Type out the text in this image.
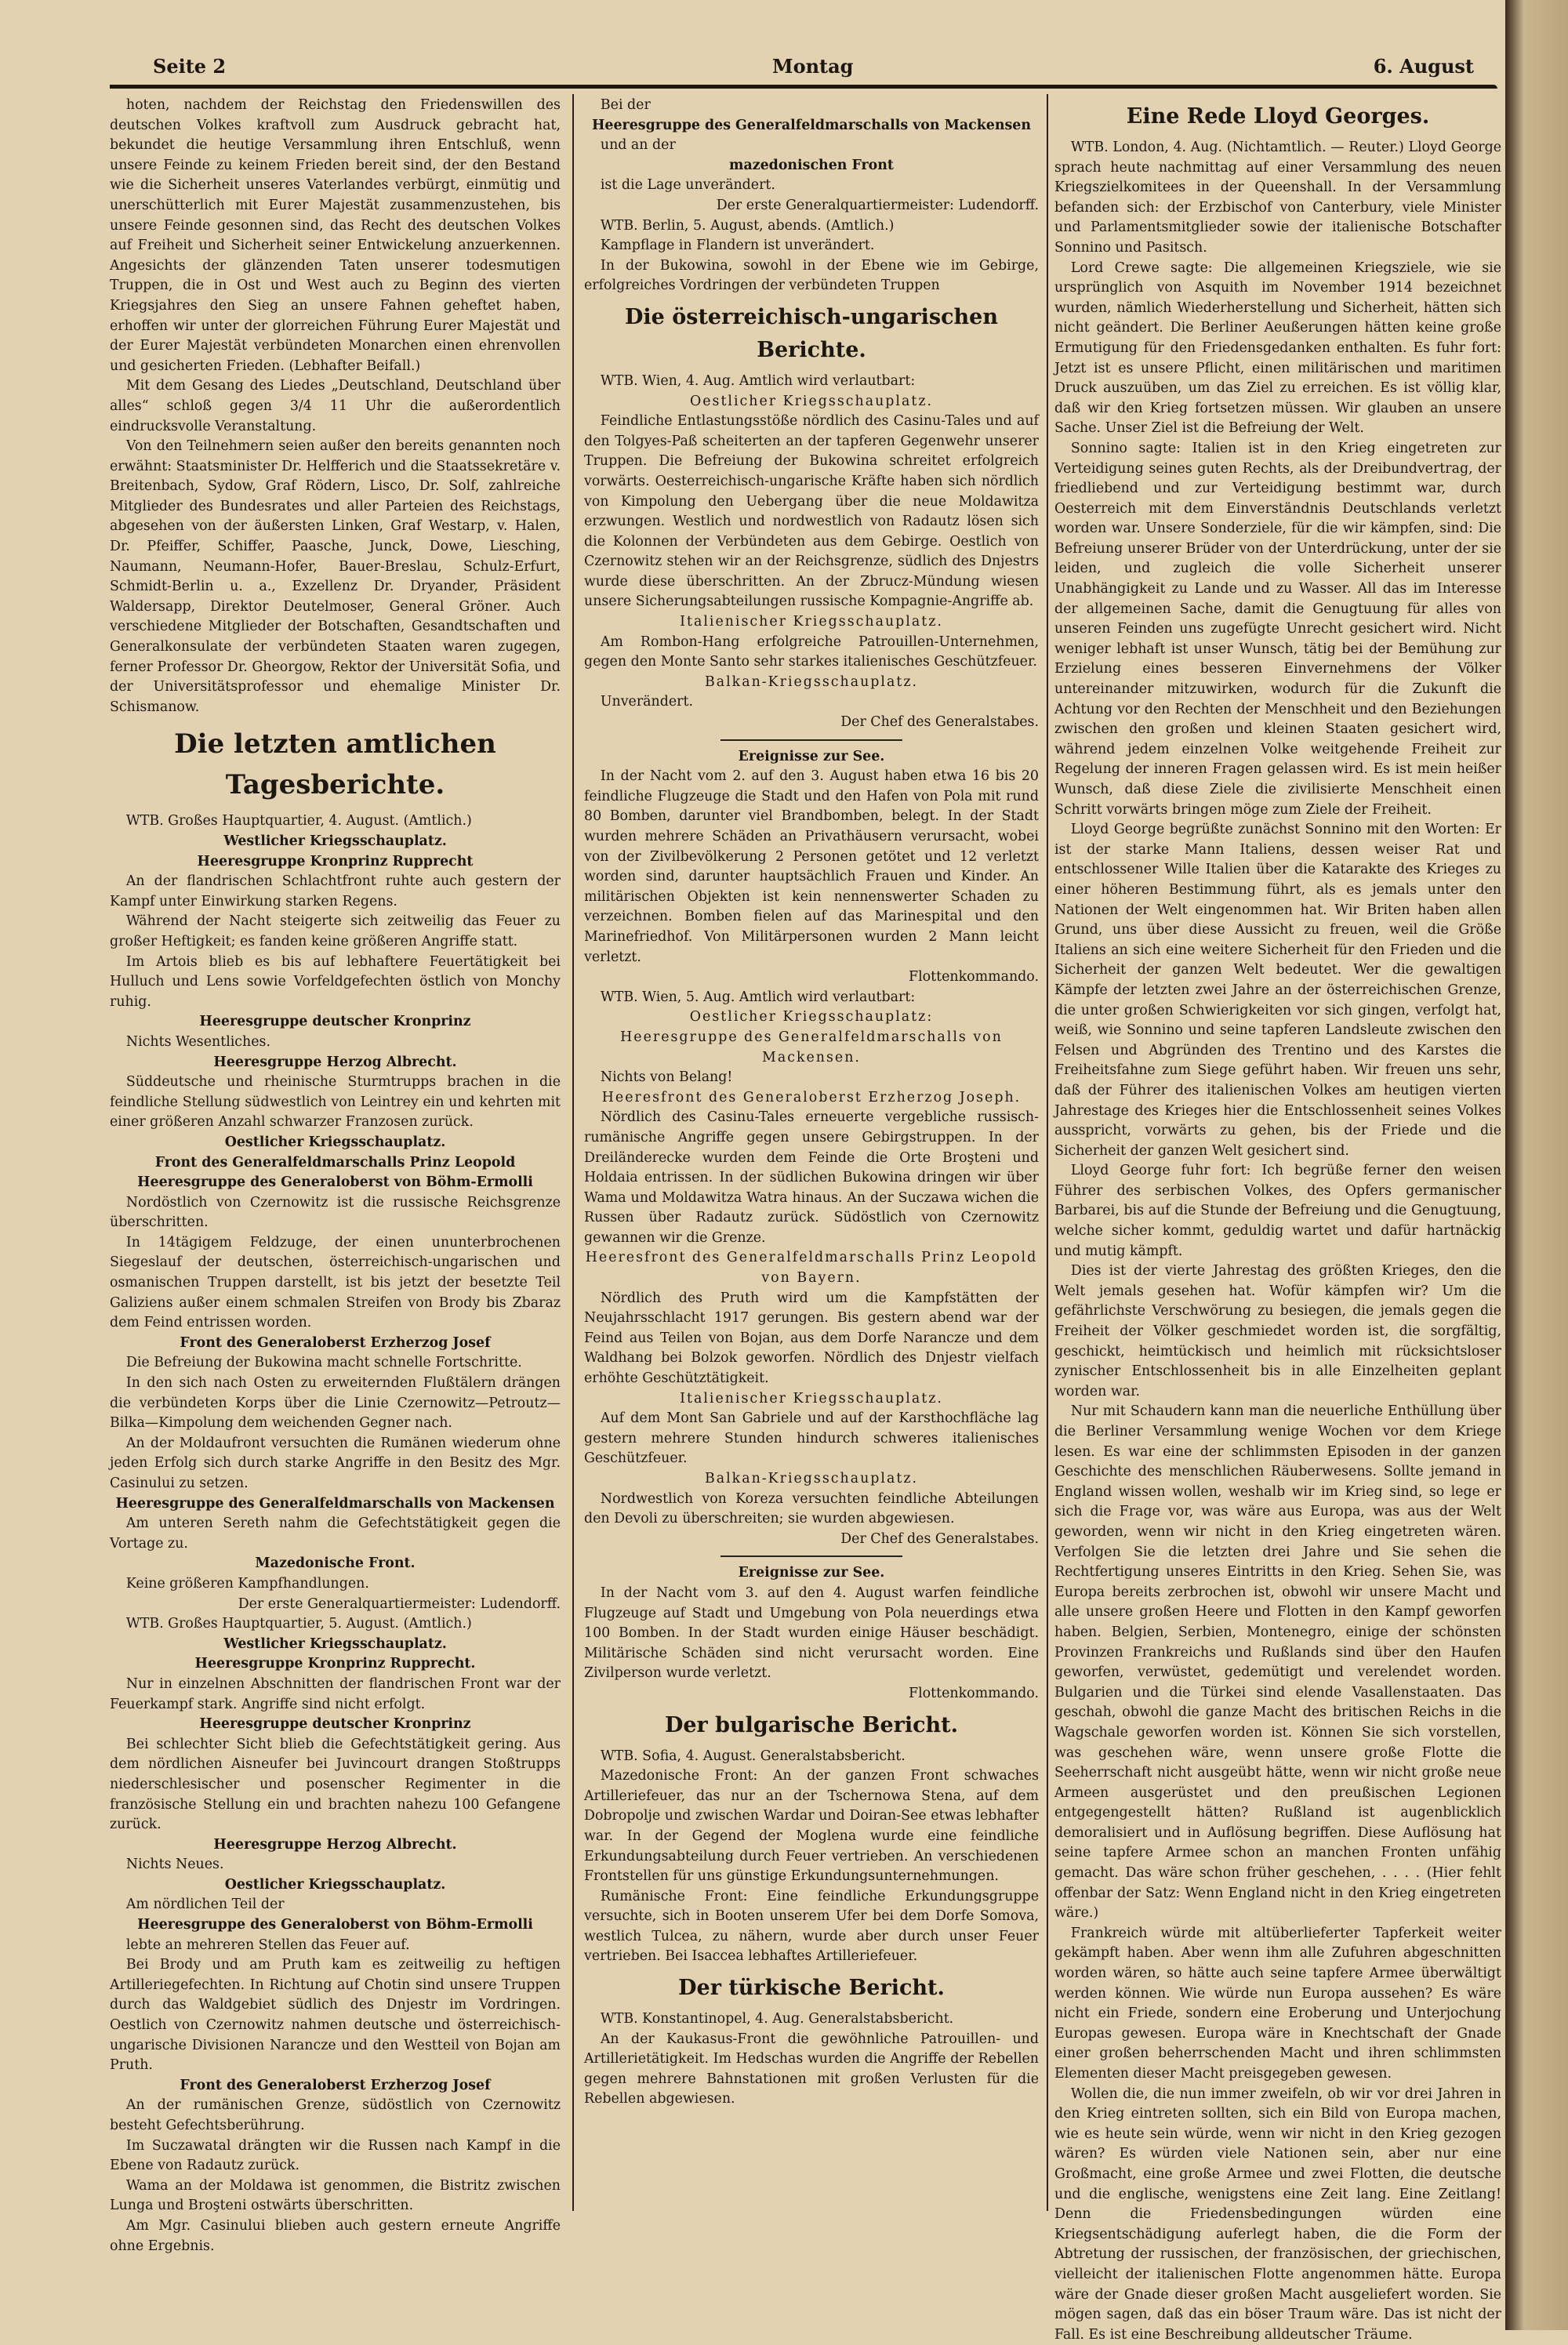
Seite 2	Montag	6. August

hoten, nachdem der Reichstag den Friedenswillen des deutschen Volkes kraftvoll zum Ausdruck gebracht hat, bekundet die heutige Versammlung ihren Entschluß, wenn unsere Feinde zu keinem Frieden bereit sind, der den Bestand wie die Sicherheit unseres Vaterlandes verbürgt, einmütig und unerschütterlich mit Eurer Majestät zusammenzustehen, bis unsere Feinde gesonnen sind, das Recht des deutschen Volkes auf Freiheit und Sicherheit seiner Entwickelung anzuerkennen. Angesichts der glänzenden Taten unserer todesmutigen Truppen, die in Ost und West auch zu Beginn des vierten Kriegsjahres den Sieg an unsere Fahnen geheftet haben, erhoffen wir unter der glorreichen Führung Eurer Majestät und der Eurer Majestät verbündeten Monarchen einen ehrenvollen und gesicherten Frieden. (Lebhafter Beifall.)

Mit dem Gesang des Liedes „Deutschland, Deutschland über alles“ schloß gegen 3/4 11 Uhr die außerordentlich eindrucksvolle Veranstaltung.

Von den Teilnehmern seien außer den bereits genannten noch erwähnt: Staatsminister Dr. Helfferich und die Staatssekretäre v. Breitenbach, Sydow, Graf Rödern, Lisco, Dr. Solf, zahlreiche Mitglieder des Bundesrates und aller Parteien des Reichstags, abgesehen von der äußersten Linken, Graf Westarp, v. Halen, Dr. Pfeiffer, Schiffer, Paasche, Junck, Dowe, Liesching, Naumann, Neumann-Hofer, Bauer-Breslau, Schulz-Erfurt, Schmidt-Berlin u. a., Exzellenz Dr. Dryander, Präsident Waldersapp, Direktor Deutelmoser, General Gröner. Auch verschiedene Mitglieder der Botschaften, Gesandtschaften und Generalkonsulate der verbündeten Staaten waren zugegen, ferner Professor Dr. Gheorgow, Rektor der Universität Sofia, und der Universitätsprofessor und ehemalige Minister Dr. Schismanow.

Die letzten amtlichen Tagesberichte.

WTB. Großes Hauptquartier, 4. August. (Amtlich.)

Westlicher Kriegsschauplatz.

Heeresgruppe Kronprinz Rupprecht

An der flandrischen Schlachtfront ruhte auch gestern der Kampf unter Einwirkung starken Regens.

Während der Nacht steigerte sich zeitweilig das Feuer zu großer Heftigkeit; es fanden keine größeren Angriffe statt.

Im Artois blieb es bis auf lebhaftere Feuertätigkeit bei Hulluch und Lens sowie Vorfeldgefechten östlich von Monchy ruhig.

Heeresgruppe deutscher Kronprinz

Nichts Wesentliches.

Heeresgruppe Herzog Albrecht.

Süddeutsche und rheinische Sturmtrupps brachen in die feindliche Stellung südwestlich von Leintrey ein und kehrten mit einer größeren Anzahl schwarzer Franzosen zurück.

Oestlicher Kriegsschauplatz.

Front des Generalfeldmarschalls Prinz Leopold

Heeresgruppe des Generaloberst von Böhm-Ermolli

Nordöstlich von Czernowitz ist die russische Reichsgrenze überschritten.

In 14tägigem Feldzuge, der einen ununterbrochenen Siegeslauf der deutschen, österreichisch-ungarischen und osmanischen Truppen darstellt, ist bis jetzt der besetzte Teil Galiziens außer einem schmalen Streifen von Brody bis Zbaraz dem Feind entrissen worden.

Front des Generaloberst Erzherzog Josef

Die Befreiung der Bukowina macht schnelle Fortschritte.

In den sich nach Osten zu erweiternden Flußtälern drängen die verbündeten Korps über die Linie Czernowitz—Petroutz—Bilka—Kimpolung dem weichenden Gegner nach.

An der Moldaufront versuchten die Rumänen wiederum ohne jeden Erfolg sich durch starke Angriffe in den Besitz des Mgr. Casinului zu setzen.

Heeresgruppe des Generalfeldmarschalls von Mackensen

Am unteren Sereth nahm die Gefechtstätigkeit gegen die Vortage zu.

Mazedonische Front.

Keine größeren Kampfhandlungen.

Der erste Generalquartiermeister: Ludendorff.

WTB. Großes Hauptquartier, 5. August. (Amtlich.)

Westlicher Kriegsschauplatz.

Heeresgruppe Kronprinz Rupprecht.

Nur in einzelnen Abschnitten der flandrischen Front war der Feuerkampf stark. Angriffe sind nicht erfolgt.

Heeresgruppe deutscher Kronprinz

Bei schlechter Sicht blieb die Gefechtstätigkeit gering. Aus dem nördlichen Aisneufer bei Juvincourt drangen Stoßtrupps niederschlesischer und posenscher Regimenter in die französische Stellung ein und brachten nahezu 100 Gefangene zurück.

Heeresgruppe Herzog Albrecht.

Nichts Neues.

Oestlicher Kriegsschauplatz.

Am nördlichen Teil der

Heeresgruppe des Generaloberst von Böhm-Ermolli

lebte an mehreren Stellen das Feuer auf.

Bei Brody und am Pruth kam es zeitweilig zu heftigen Artilleriegefechten. In Richtung auf Chotin sind unsere Truppen durch das Waldgebiet südlich des Dnjestr im Vordringen. Oestlich von Czernowitz nahmen deutsche und österreichisch-ungarische Divisionen Naranczе und den Westteil von Bojan am Pruth.

Front des Generaloberst Erzherzog Josef

An der rumänischen Grenze, südöstlich von Czernowitz besteht Gefechtsberührung.

Im Suczawatal drängten wir die Russen nach Kampf in die Ebene von Radautz zurück.

Wama an der Moldawa ist genommen, die Bistritz zwischen Lunga und Broşteni ostwärts überschritten.

Am Mgr. Casinului blieben auch gestern erneute Angriffe ohne Ergebnis.

Bei der

Heeresgruppe des Generalfeldmarschalls von Mackensen

und an der

mazedonischen Front

ist die Lage unverändert.

Der erste Generalquartiermeister: Ludendorff.

WTB. Berlin, 5. August, abends. (Amtlich.)

Kampflage in Flandern ist unverändert.

In der Bukowina, sowohl in der Ebene wie im Gebirge, erfolgreiches Vordringen der verbündeten Truppen

Die österreichisch-ungarischen Berichte.

WTB. Wien, 4. Aug. Amtlich wird verlautbart:

Oestlicher Kriegsschauplatz.

Feindliche Entlastungsstöße nördlich des Casinu-Tales und auf den Tolgyes-Paß scheiterten an der tapferen Gegenwehr unserer Truppen. Die Befreiung der Bukowina schreitet erfolgreich vorwärts. Oesterreichisch-ungarische Kräfte haben sich nördlich von Kimpolung den Uebergang über die neue Moldawitza erzwungen. Westlich und nordwestlich von Radautz lösen sich die Kolonnen der Verbündeten aus dem Gebirge. Oestlich von Czernowitz stehen wir an der Reichsgrenze, südlich des Dnjestrs wurde diese überschritten. An der Zbrucz-Mündung wiesen unsere Sicherungsabteilungen russische Kompagnie-Angriffe ab.

Italienischer Kriegsschauplatz.

Am Rombon-Hang erfolgreiche Patrouillen-Unternehmen, gegen den Monte Santo sehr starkes italienisches Geschützfeuer.

Balkan-Kriegsschauplatz.

Unverändert.

Der Chef des Generalstabes.

Ereignisse zur See.

In der Nacht vom 2. auf den 3. August haben etwa 16 bis 20 feindliche Flugzeuge die Stadt und den Hafen von Pola mit rund 80 Bomben, darunter viel Brandbomben, belegt. In der Stadt wurden mehrere Schäden an Privathäusern verursacht, wobei von der Zivilbevölkerung 2 Personen getötet und 12 verletzt worden sind, darunter hauptsächlich Frauen und Kinder. An militärischen Objekten ist kein nennenswerter Schaden zu verzeichnen. Bomben fielen auf das Marinespital und den Marinefriedhof. Von Militärpersonen wurden 2 Mann leicht verletzt.

Flottenkommando.

WTB. Wien, 5. Aug. Amtlich wird verlautbart:

Oestlicher Kriegsschauplatz:

Heeresgruppe des Generalfeldmarschalls von Mackensen.

Nichts von Belang!

Heeresfront des Generaloberst Erzherzog Joseph.

Nördlich des Casinu-Tales erneuerte vergebliche russisch-rumänische Angriffe gegen unsere Gebirgstruppen. In der Dreiländerecke wurden dem Feinde die Orte Broşteni und Holdaia entrissen. In der südlichen Bukowina dringen wir über Wama und Moldawitza Watra hinaus. An der Suczawa wichen die Russen über Radautz zurück. Südöstlich von Czernowitz gewannen wir die Grenze.

Heeresfront des Generalfeldmarschalls Prinz Leopold von Bayern.

Nördlich des Pruth wird um die Kampfstätten der Neujahrsschlacht 1917 gerungen. Bis gestern abend war der Feind aus Teilen von Bojan, aus dem Dorfe Narancze und dem Waldhang bei Bolzok geworfen. Nördlich des Dnjestr vielfach erhöhte Geschütztätigkeit.

Italienischer Kriegsschauplatz.

Auf dem Mont San Gabriele und auf der Karsthochfläche lag gestern mehrere Stunden hindurch schweres italienisches Geschützfeuer.

Balkan-Kriegsschauplatz.

Nordwestlich von Koreza versuchten feindliche Abteilungen den Devoli zu überschreiten; sie wurden abgewiesen.

Der Chef des Generalstabes.

Ereignisse zur See.

In der Nacht vom 3. auf den 4. August warfen feindliche Flugzeuge auf Stadt und Umgebung von Pola neuerdings etwa 100 Bomben. In der Stadt wurden einige Häuser beschädigt. Militärische Schäden sind nicht verursacht worden. Eine Zivilperson wurde verletzt.

Flottenkommando.

Der bulgarische Bericht.

WTB. Sofia, 4. August. Generalstabsbericht.

Mazedonische Front: An der ganzen Front schwaches Artilleriefeuer, das nur an der Tschernowa Stena, auf dem Dobropolje und zwischen Wardar und Doiran-See etwas lebhafter war. In der Gegend der Moglena wurde eine feindliche Erkundungsabteilung durch Feuer vertrieben. An verschiedenen Frontstellen für uns günstige Erkundungsunternehmungen.

Rumänische Front: Eine feindliche Erkundungsgruppe versuchte, sich in Booten unserem Ufer bei dem Dorfe Somova, westlich Tulcea, zu nähern, wurde aber durch unser Feuer vertrieben. Bei Isaccea lebhaftes Artilleriefeuer.

Der türkische Bericht.

WTB. Konstantinopel, 4. Aug. Generalstabsbericht.

An der Kaukasus-Front die gewöhnliche Patrouillen- und Artillerietätigkeit. Im Hedschas wurden die Angriffe der Rebellen gegen mehrere Bahnstationen mit großen Verlusten für die Rebellen abgewiesen.

Eine Rede Lloyd Georges.

WTB. London, 4. Aug. (Nichtamtlich. — Reuter.) Lloyd George sprach heute nachmittag auf einer Versammlung des neuen Kriegszielkomitees in der Queenshall. In der Versammlung befanden sich: der Erzbischof von Canterbury, viele Minister und Parlamentsmitglieder sowie der italienische Botschafter Sonnino und Pasitsch.

Lord Crewe sagte: Die allgemeinen Kriegsziele, wie sie ursprünglich von Asquith im November 1914 bezeichnet wurden, nämlich Wiederherstellung und Sicherheit, hätten sich nicht geändert. Die Berliner Aeußerungen hätten keine große Ermutigung für den Friedensgedanken enthalten. Es fuhr fort: Jetzt ist es unsere Pflicht, einen militärischen und maritimen Druck auszuüben, um das Ziel zu erreichen. Es ist völlig klar, daß wir den Krieg fortsetzen müssen. Wir glauben an unsere Sache. Unser Ziel ist die Befreiung der Welt.

Sonnino sagte: Italien ist in den Krieg eingetreten zur Verteidigung seines guten Rechts, als der Dreibundvertrag, der friedliebend und zur Verteidigung bestimmt war, durch Oesterreich mit dem Einverständnis Deutschlands verletzt worden war. Unsere Sonderziele, für die wir kämpfen, sind: Die Befreiung unserer Brüder von der Unterdrückung, unter der sie leiden, und zugleich die volle Sicherheit unserer Unabhängigkeit zu Lande und zu Wasser. All das im Interesse der allgemeinen Sache, damit die Genugtuung für alles von unseren Feinden uns zugefügte Unrecht gesichert wird. Nicht weniger lebhaft ist unser Wunsch, tätig bei der Bemühung zur Erzielung eines besseren Einvernehmens der Völker untereinander mitzuwirken, wodurch für die Zukunft die Achtung vor den Rechten der Menschheit und den Beziehungen zwischen den großen und kleinen Staaten gesichert wird, während jedem einzelnen Volke weitgehende Freiheit zur Regelung der inneren Fragen gelassen wird. Es ist mein heißer Wunsch, daß diese Ziele die zivilisierte Menschheit einen Schritt vorwärts bringen möge zum Ziele der Freiheit.

Lloyd George begrüßte zunächst Sonnino mit den Worten: Er ist der starke Mann Italiens, dessen weiser Rat und entschlossener Wille Italien über die Katarakte des Krieges zu einer höheren Bestimmung führt, als es jemals unter den Nationen der Welt eingenommen hat. Wir Briten haben allen Grund, uns über diese Aussicht zu freuen, weil die Größe Italiens an sich eine weitere Sicherheit für den Frieden und die Sicherheit der ganzen Welt bedeutet. Wer die gewaltigen Kämpfe der letzten zwei Jahre an der österreichischen Grenze, die unter großen Schwierigkeiten vor sich gingen, verfolgt hat, weiß, wie Sonnino und seine tapferen Landsleute zwischen den Felsen und Abgründen des Trentino und des Karstes die Freiheitsfahne zum Siege geführt haben. Wir freuen uns sehr, daß der Führer des italienischen Volkes am heutigen vierten Jahrestage des Krieges hier die Entschlossenheit seines Volkes ausspricht, vorwärts zu gehen, bis der Friede und die Sicherheit der ganzen Welt gesichert sind.

Lloyd George fuhr fort: Ich begrüße ferner den weisen Führer des serbischen Volkes, des Opfers germanischer Barbarei, bis auf die Stunde der Befreiung und die Genugtuung, welche sicher kommt, geduldig wartet und dafür hartnäckig und mutig kämpft.

Dies ist der vierte Jahrestag des größten Krieges, den die Welt jemals gesehen hat. Wofür kämpfen wir? Um die gefährlichste Verschwörung zu besiegen, die jemals gegen die Freiheit der Völker geschmiedet worden ist, die sorgfältig, geschickt, heimtückisch und heimlich mit rücksichtsloser zynischer Entschlossenheit bis in alle Einzelheiten geplant worden war.

Nur mit Schaudern kann man die neuerliche Enthüllung über die Berliner Versammlung wenige Wochen vor dem Kriege lesen. Es war eine der schlimmsten Episoden in der ganzen Geschichte des menschlichen Räuberwesens. Sollte jemand in England wissen wollen, weshalb wir im Krieg sind, so lege er sich die Frage vor, was wäre aus Europa, was aus der Welt geworden, wenn wir nicht in den Krieg eingetreten wären. Verfolgen Sie die letzten drei Jahre und Sie sehen die Rechtfertigung unseres Eintritts in den Krieg. Sehen Sie, was Europa bereits zerbrochen ist, obwohl wir unsere Macht und alle unsere großen Heere und Flotten in den Kampf geworfen haben. Belgien, Serbien, Montenegro, einige der schönsten Provinzen Frankreichs und Rußlands sind über den Haufen geworfen, verwüstet, gedemütigt und verelendet worden. Bulgarien und die Türkei sind elende Vasallenstaaten. Das geschah, obwohl die ganze Macht des britischen Reichs in die Wagschale geworfen worden ist. Können Sie sich vorstellen, was geschehen wäre, wenn unsere große Flotte die Seeherrschaft nicht ausgeübt hätte, wenn wir nicht große neue Armeen ausgerüstet und den preußischen Legionen entgegengestellt hätten? Rußland ist augenblicklich demoralisiert und in Auflösung begriffen. Diese Auflösung hat seine tapfere Armee schon an manchen Fronten unfähig gemacht. Das wäre schon früher geschehen, . . . . (Hier fehlt offenbar der Satz: Wenn England nicht in den Krieg eingetreten wäre.)

Frankreich würde mit altüberlieferter Tapferkeit weiter gekämpft haben. Aber wenn ihm alle Zufuhren abgeschnitten worden wären, so hätte auch seine tapfere Armee überwältigt werden können. Wie würde nun Europa aussehen? Es wäre nicht ein Friede, sondern eine Eroberung und Unterjochung Europas gewesen. Europa wäre in Knechtschaft der Gnade einer großen beherrschenden Macht und ihren schlimmsten Elementen dieser Macht preisgegeben gewesen.

Wollen die, die nun immer zweifeln, ob wir vor drei Jahren in den Krieg eintreten sollten, sich ein Bild von Europa machen, wie es heute sein würde, wenn wir nicht in den Krieg gezogen wären? Es würden viele Nationen sein, aber nur eine Großmacht, eine große Armee und zwei Flotten, die deutsche und die englische, wenigstens eine Zeit lang. Eine Zeitlang! Denn die Friedensbedingungen würden eine Kriegsentschädigung auferlegt haben, die die Form der Abtretung der russischen, der französischen, der griechischen, vielleicht der italienischen Flotte angenommen hätte. Europa wäre der Gnade dieser großen Macht ausgeliefert worden. Sie mögen sagen, daß das ein böser Traum wäre. Das ist nicht der Fall. Es ist eine Beschreibung alldeutscher Träume.
